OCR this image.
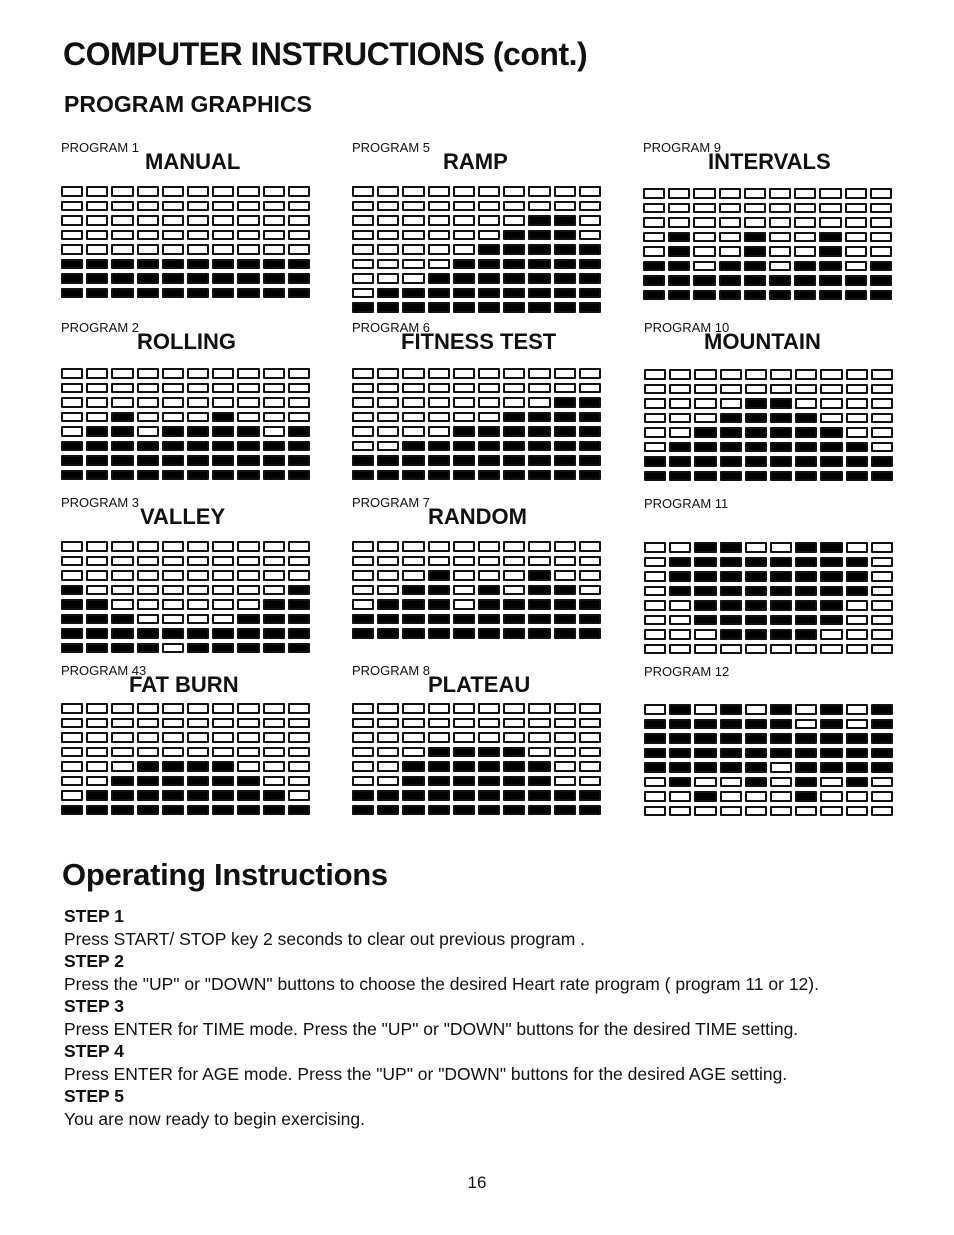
COMPUTER INSTRUCTIONS (cont.)
PROGRAM GRAPHICS
PROGRAM 1
MANUAL
PROGRAM 5
RAMP
PROGRAM 9
INTERVALS
PROGRAM 2
ROLLING
PROGRAM 6
FITNESS TEST
PROGRAM 10
MOUNTAIN
PROGRAM 3
VALLEY
PROGRAM 7
RANDOM
PROGRAM 11
PROGRAM 43
FAT BURN
PROGRAM 8
PLATEAU
PROGRAM 12
Operating Instructions
STEP 1
Press START/ STOP key 2 seconds to clear out previous program .
STEP 2
Press the "UP" or "DOWN" buttons to choose the desired Heart rate program ( program 11 or 12).
STEP 3
Press ENTER for TIME mode. Press the "UP" or "DOWN" buttons for the desired TIME setting.
STEP 4
Press ENTER for AGE mode. Press the "UP" or "DOWN" buttons for the desired AGE setting.
STEP 5
You are now ready to begin exercising.
16
